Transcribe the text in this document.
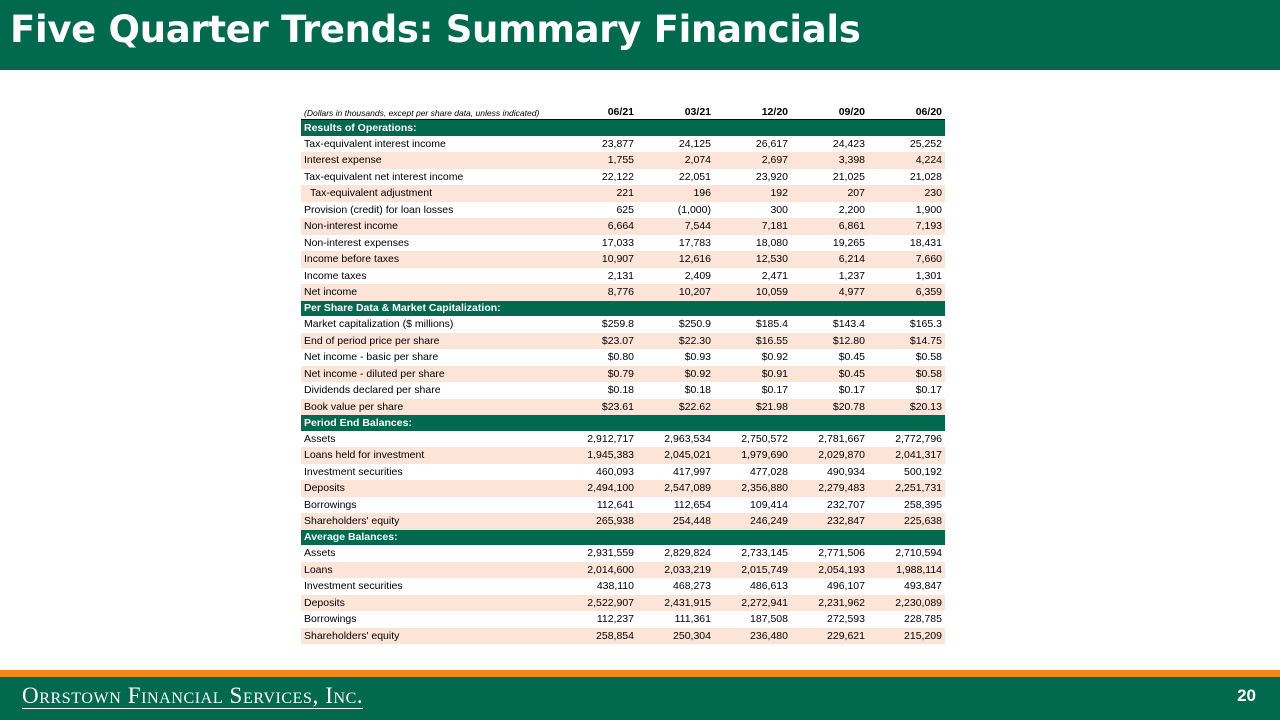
Five Quarter Trends: Summary Financials
(Dollars in thousands, except per share data, unless indicated)	06/21	03/21	12/20	09/20	06/20
Results of Operations:					
Tax-equivalent interest income	23,877	24,125	26,617	24,423	25,252
Interest expense	1,755	2,074	2,697	3,398	4,224
Tax-equivalent net interest income	22,122	22,051	23,920	21,025	21,028
Tax-equivalent adjustment	221	196	192	207	230
Provision (credit) for loan losses	625	(1,000)	300	2,200	1,900
Non-interest income	6,664	7,544	7,181	6,861	7,193
Non-interest expenses	17,033	17,783	18,080	19,265	18,431
Income before taxes	10,907	12,616	12,530	6,214	7,660
Income taxes	2,131	2,409	2,471	1,237	1,301
Net income	8,776	10,207	10,059	4,977	6,359
Per Share Data & Market Capitalization:					
Market capitalization ($ millions)	$259.8	$250.9	$185.4	$143.4	$165.3
End of period price per share	$23.07	$22.30	$16.55	$12.80	$14.75
Net income - basic per share	$0.80	$0.93	$0.92	$0.45	$0.58
Net income - diluted per share	$0.79	$0.92	$0.91	$0.45	$0.58
Dividends declared per share	$0.18	$0.18	$0.17	$0.17	$0.17
Book value per share	$23.61	$22.62	$21.98	$20.78	$20.13
Period End Balances:					
Assets	2,912,717	2,963,534	2,750,572	2,781,667	2,772,796
Loans held for investment	1,945,383	2,045,021	1,979,690	2,029,870	2,041,317
Investment securities	460,093	417,997	477,028	490,934	500,192
Deposits	2,494,100	2,547,089	2,356,880	2,279,483	2,251,731
Borrowings	112,641	112,654	109,414	232,707	258,395
Shareholders' equity	265,938	254,448	246,249	232,847	225,638
Average Balances:					
Assets	2,931,559	2,829,824	2,733,145	2,771,506	2,710,594
Loans	2,014,600	2,033,219	2,015,749	2,054,193	1,988,114
Investment securities	438,110	468,273	486,613	496,107	493,847
Deposits	2,522,907	2,431,915	2,272,941	2,231,962	2,230,089
Borrowings	112,237	111,361	187,508	272,593	228,785
Shareholders' equity	258,854	250,304	236,480	229,621	215,209
Orrstown Financial Services, Inc.	20
